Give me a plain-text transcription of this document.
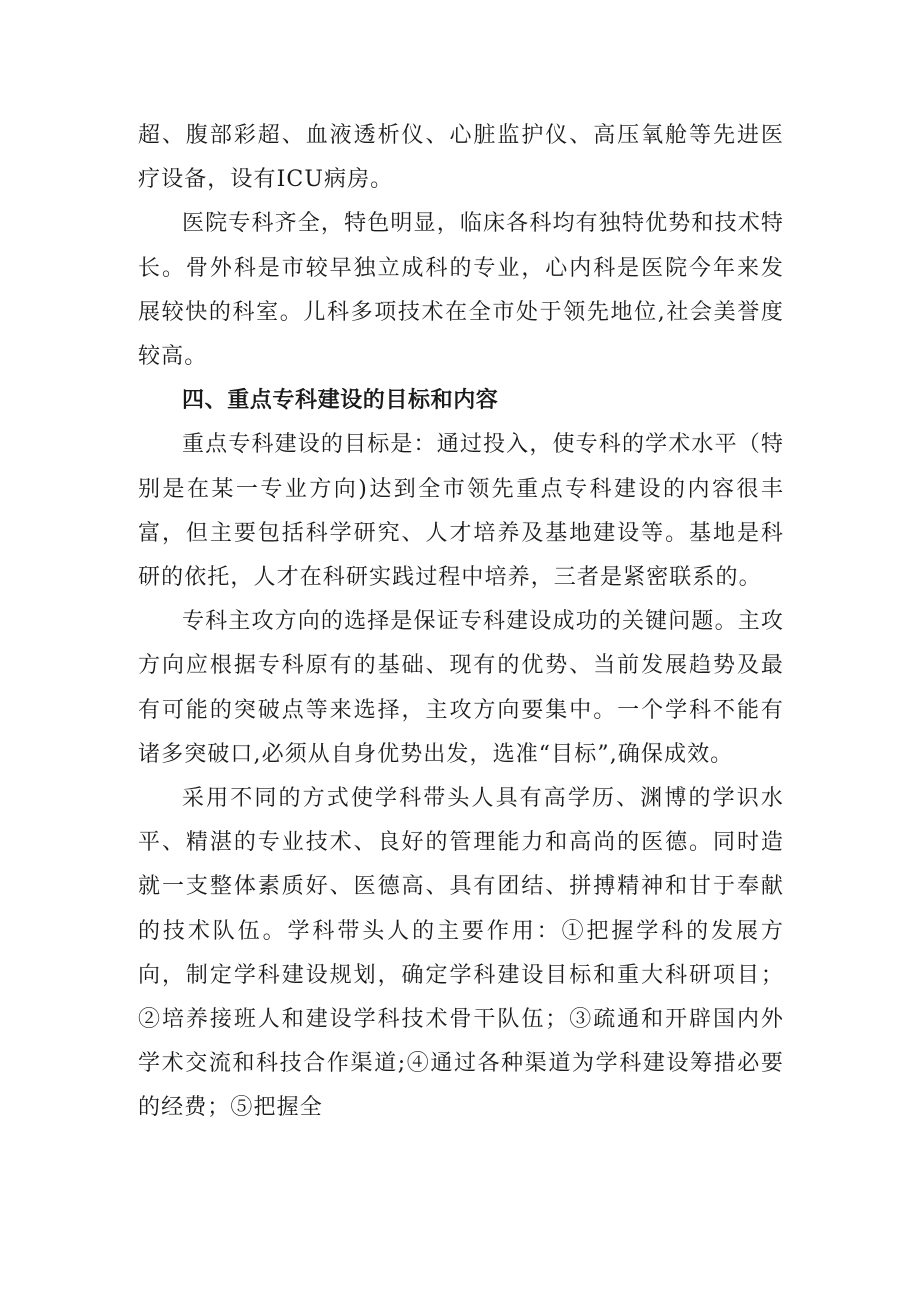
超、腹部彩超、血液透析仪、心脏监护仪、高压氧舱等先进医疗设备，设有ICU病房。

医院专科齐全，特色明显，临床各科均有独特优势和技术特长。骨外科是市较早独立成科的专业，心内科是医院今年来发展较快的科室。儿科多项技术在全市处于领先地位,社会美誉度较高。

四、重点专科建设的目标和内容

重点专科建设的目标是：通过投入，使专科的学术水平（特别是在某一专业方向)达到全市领先重点专科建设的内容很丰富，但主要包括科学研究、人才培养及基地建设等。基地是科研的依托，人才在科研实践过程中培养，三者是紧密联系的。

专科主攻方向的选择是保证专科建设成功的关键问题。主攻方向应根据专科原有的基础、现有的优势、当前发展趋势及最有可能的突破点等来选择，主攻方向要集中。一个学科不能有诸多突破口,必须从自身优势出发，选准“目标”,确保成效。

采用不同的方式使学科带头人具有高学历、渊博的学识水平、精湛的专业技术、良好的管理能力和高尚的医德。同时造就一支整体素质好、医德高、具有团结、拼搏精神和甘于奉献的技术队伍。学科带头人的主要作用：①把握学科的发展方向，制定学科建设规划，确定学科建设目标和重大科研项目；②培养接班人和建设学科技术骨干队伍；③疏通和开辟国内外学术交流和科技合作渠道;④通过各种渠道为学科建设筹措必要的经费；⑤把握全
